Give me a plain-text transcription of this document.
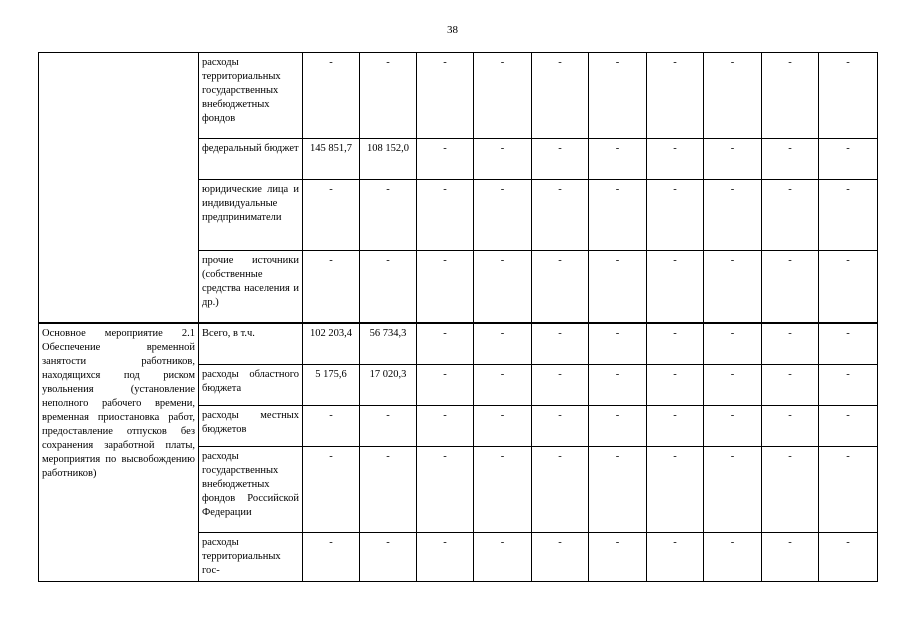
38
	расходы территориальных государственных внебюджетных фондов	-	-	-	-	-	-	-	-	-	-
	федеральный бюджет	145 851,7	108 152,0	-	-	-	-	-	-	-	-
	юридические лица и индивидуальные предприниматели	-	-	-	-	-	-	-	-	-	-
	прочие источники (собственные средства населения и др.)	-	-	-	-	-	-	-	-	-	-
Основное мероприятие 2.1 Обеспечение временной занятости работников, находящихся под риском увольнения (установление неполного рабочего времени, временная приостановка работ, предоставление отпусков без сохранения заработной платы, мероприятия по высвобождению работников)	Всего, в т.ч.	102 203,4	56 734,3	-	-	-	-	-	-	-	-
	расходы областного бюджета	5 175,6	17 020,3	-	-	-	-	-	-	-	-
	расходы местных бюджетов	-	-	-	-	-	-	-	-	-	-
	расходы государственных внебюджетных фондов Российской Федерации	-	-	-	-	-	-	-	-	-	-
	расходы территориальных гос-	-	-	-	-	-	-	-	-	-	-
